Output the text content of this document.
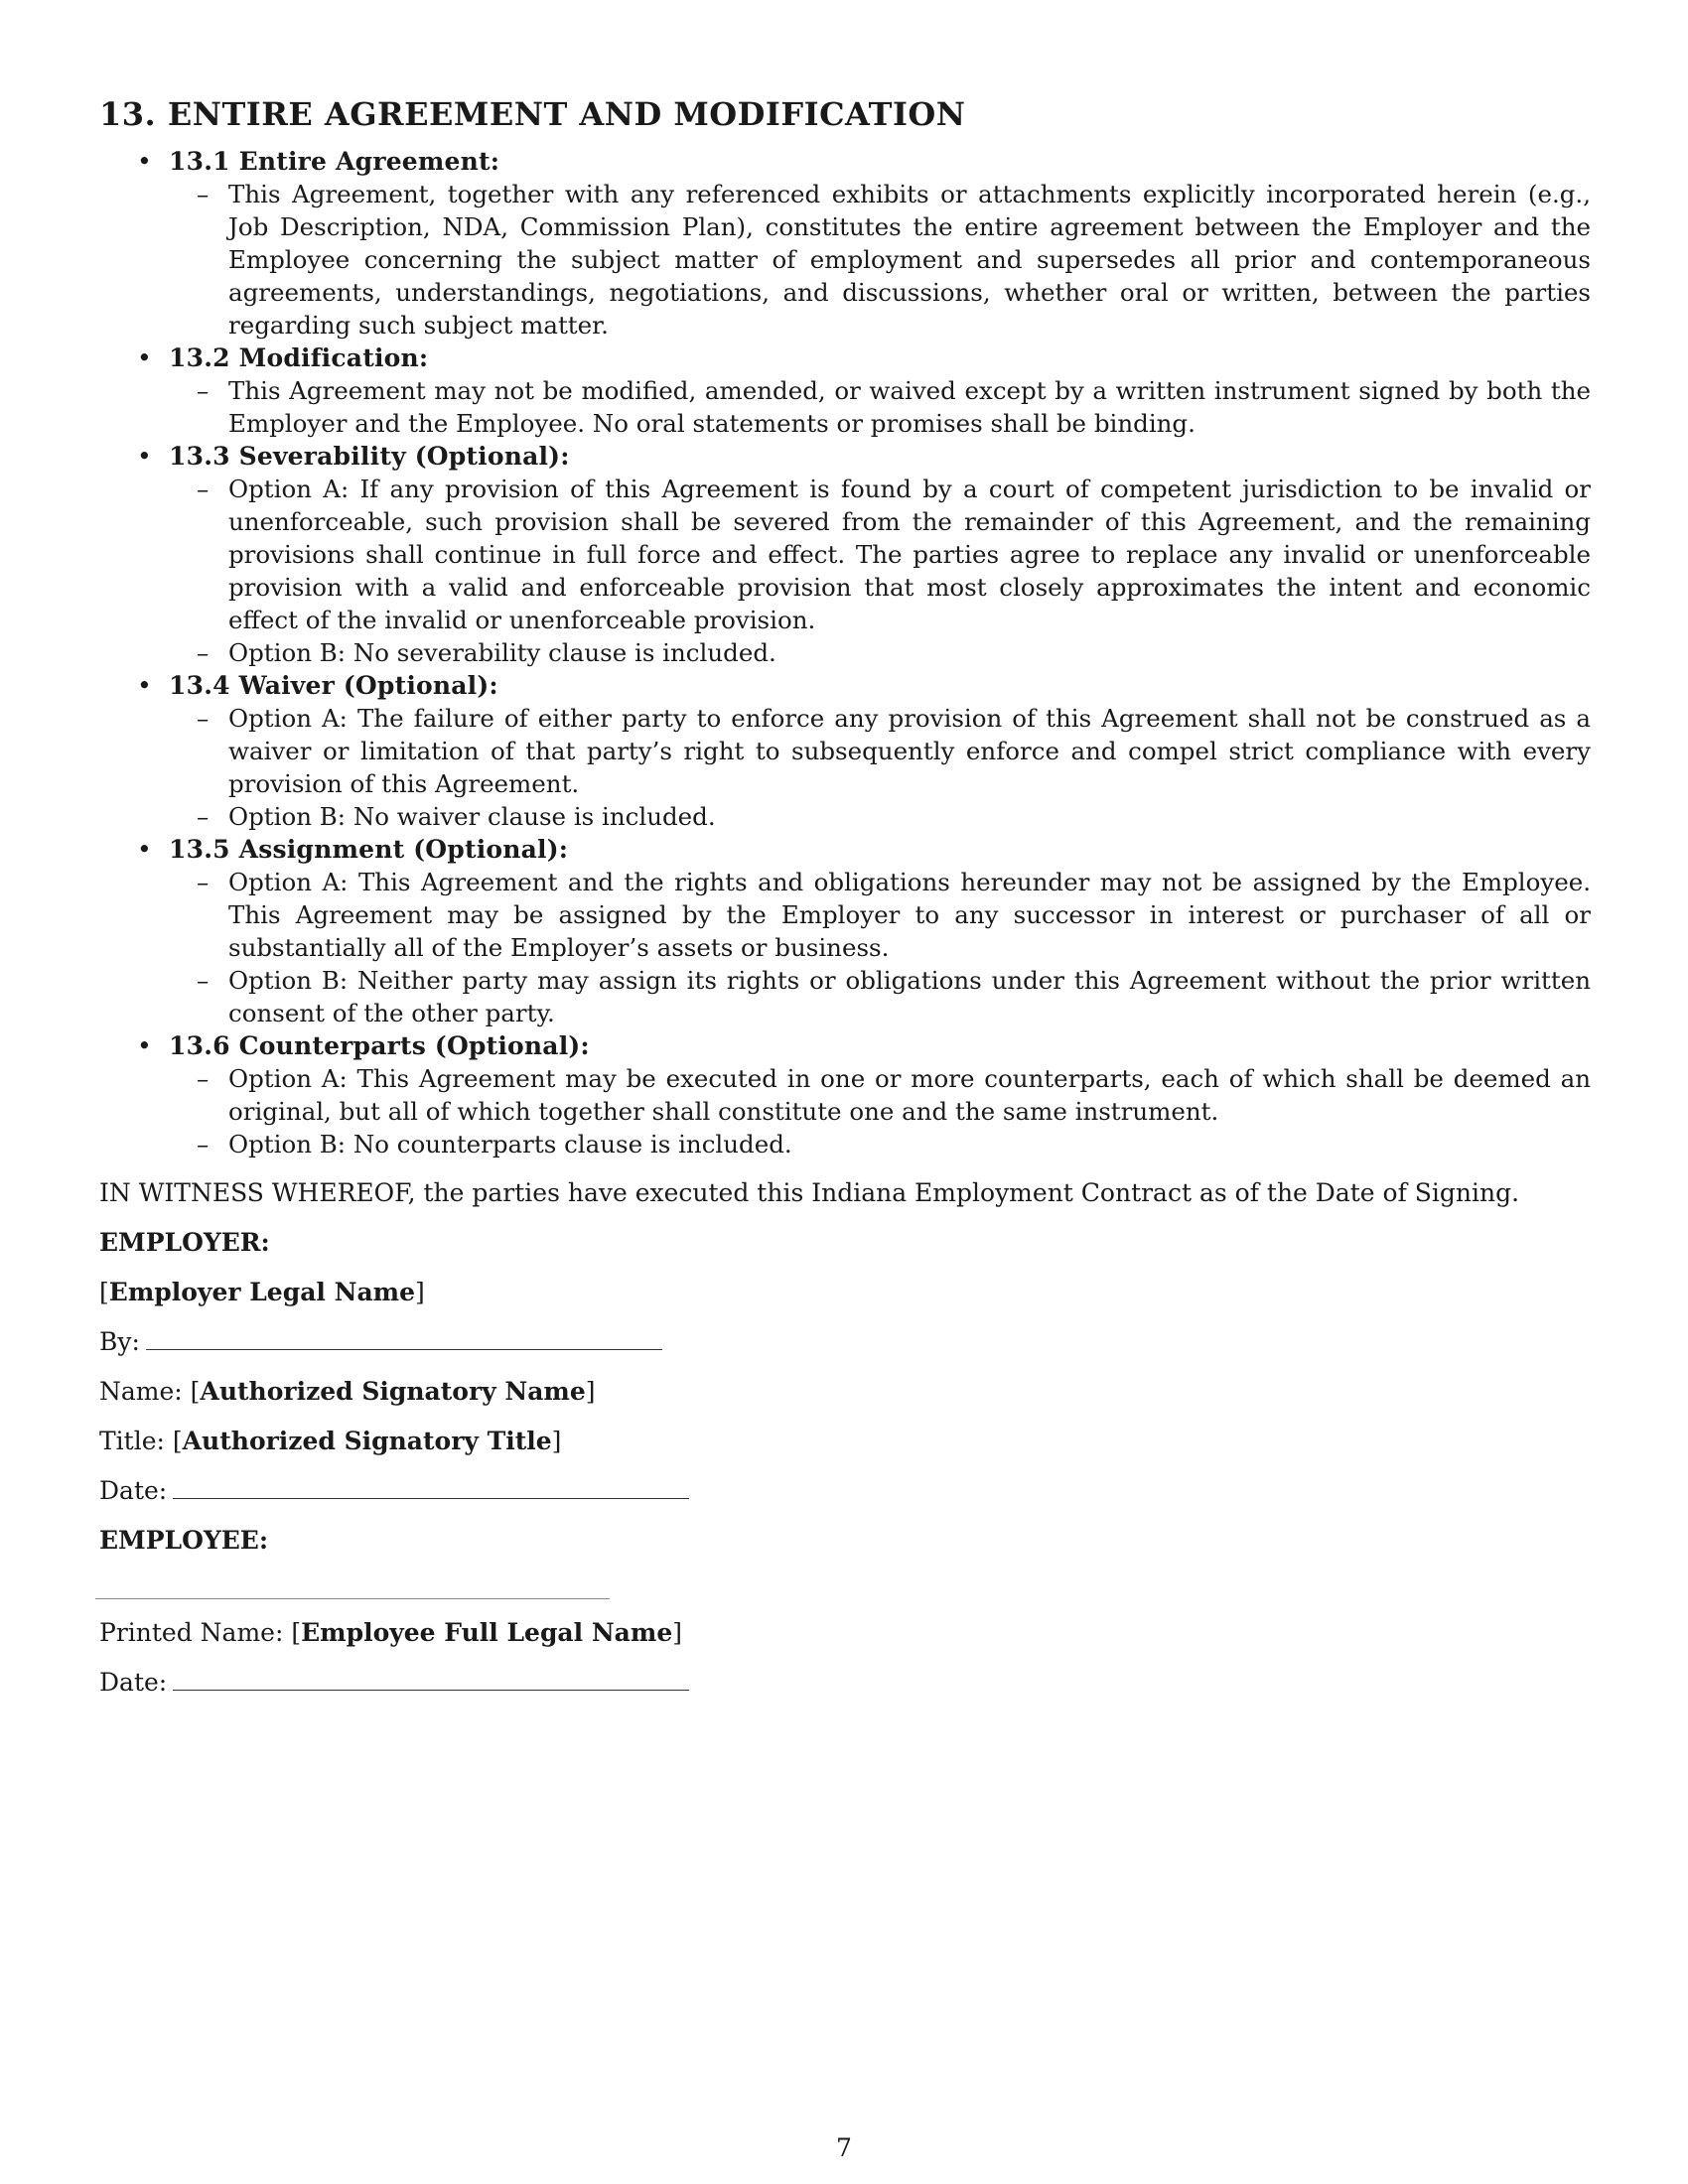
13. ENTIRE AGREEMENT AND MODIFICATION
• 13.1 Entire Agreement:
– This Agreement, together with any referenced exhibits or attachments explicitly incorporated herein (e.g., Job Description, NDA, Commission Plan), constitutes the entire agreement between the Employer and the Employee concerning the subject matter of employment and supersedes all prior and contemporaneous agreements, understandings, negotiations, and discussions, whether oral or written, between the parties regarding such subject matter.
• 13.2 Modification:
– This Agreement may not be modified, amended, or waived except by a written instrument signed by both the Employer and the Employee. No oral statements or promises shall be binding.
• 13.3 Severability (Optional):
– Option A: If any provision of this Agreement is found by a court of competent jurisdiction to be invalid or unenforceable, such provision shall be severed from the remainder of this Agreement, and the remaining provisions shall continue in full force and effect. The parties agree to replace any invalid or unenforceable provision with a valid and enforceable provision that most closely approximates the intent and economic effect of the invalid or unenforceable provision.
– Option B: No severability clause is included.
• 13.4 Waiver (Optional):
– Option A: The failure of either party to enforce any provision of this Agreement shall not be construed as a waiver or limitation of that party’s right to subsequently enforce and compel strict compliance with every provision of this Agreement.
– Option B: No waiver clause is included.
• 13.5 Assignment (Optional):
– Option A: This Agreement and the rights and obligations hereunder may not be assigned by the Employee. This Agreement may be assigned by the Employer to any successor in interest or purchaser of all or substantially all of the Employer’s assets or business.
– Option B: Neither party may assign its rights or obligations under this Agreement without the prior written consent of the other party.
• 13.6 Counterparts (Optional):
– Option A: This Agreement may be executed in one or more counterparts, each of which shall be deemed an original, but all of which together shall constitute one and the same instrument.
– Option B: No counterparts clause is included.

IN WITNESS WHEREOF, the parties have executed this Indiana Employment Contract as of the Date of Signing.

EMPLOYER:
[Employer Legal Name]
By:
Name: [Authorized Signatory Name]
Title: [Authorized Signatory Title]
Date:
EMPLOYEE:
Printed Name: [Employee Full Legal Name]
Date:
7
